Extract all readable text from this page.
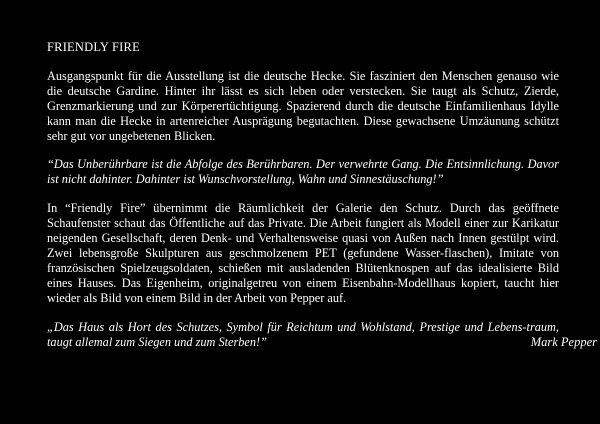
FRIENDLY FIRE

Ausgangspunkt für die Ausstellung ist die deutsche Hecke. Sie fasziniert den Menschen genauso wie die deutsche Gardine. Hinter ihr lässt es sich leben oder verstecken. Sie taugt als Schutz, Zierde, Grenzmarkierung und zur Körperertüchtigung. Spazierend durch die deutsche Einfamilienhaus Idylle kann man die Hecke in artenreicher Ausprägung begutachten. Diese gewachsene Umzäunung schützt sehr gut vor ungebetenen Blicken.

“Das Unberührbare ist die Abfolge des Berührbaren. Der verwehrte Gang. Die Entsinnlichung. Davor ist nicht dahinter. Dahinter ist Wunschvorstellung, Wahn und Sinnestäuschung!”

In “Friendly Fire” übernimmt die Räumlichkeit der Galerie den Schutz. Durch das geöffnete Schaufenster schaut das Öffentliche auf das Private. Die Arbeit fungiert als Modell einer zur Karikatur neigenden Gesellschaft, deren Denk- und Verhaltensweise quasi von Außen nach Innen gestülpt wird. Zwei lebensgroße Skulpturen aus geschmolzenem PET (gefundene Wasser-flaschen), Imitate von französischen Spielzeugsoldaten, schießen mit ausladenden Blütenknospen auf das idealisierte Bild eines Hauses. Das Eigenheim, originalgetreu von einem Eisenbahn-Modellhaus kopiert, taucht hier wieder als Bild von einem Bild in der Arbeit von Pepper auf.

„Das Haus als Hort des Schutzes, Symbol für Reichtum und Wohlstand, Prestige und Lebens-traum, taugt allemal zum Siegen und zum Sterben!”	Mark Pepper
